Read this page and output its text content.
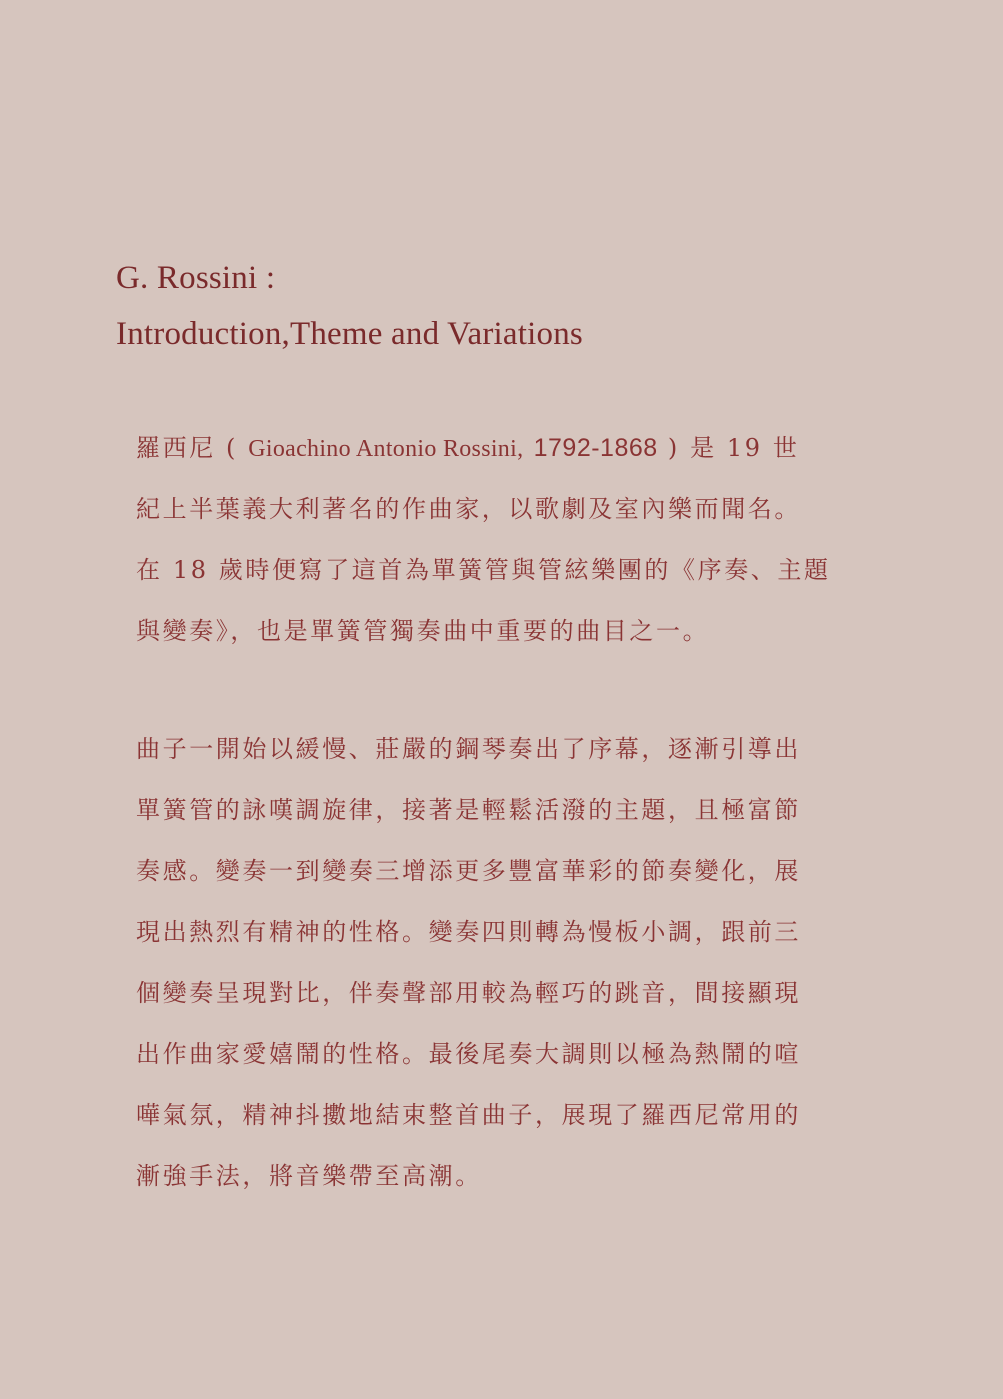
G. Rossini :
Introduction,Theme and Variations
羅西尼 ( Gioachino Antonio Rossini, 1792-1868 ) 是 19 世
紀上半葉義大利著名的作曲家，以歌劇及室內樂而聞名。
在 18 歲時便寫了這首為單簧管與管絃樂團的《序奏、主題
與變奏》，也是單簧管獨奏曲中重要的曲目之一。
曲子一開始以緩慢、莊嚴的鋼琴奏出了序幕，逐漸引導出
單簧管的詠嘆調旋律，接著是輕鬆活潑的主題，且極富節
奏感。變奏一到變奏三增添更多豐富華彩的節奏變化，展
現出熱烈有精神的性格。變奏四則轉為慢板小調，跟前三
個變奏呈現對比，伴奏聲部用較為輕巧的跳音，間接顯現
出作曲家愛嬉鬧的性格。最後尾奏大調則以極為熱鬧的喧
嘩氣氛，精神抖擻地結束整首曲子，展現了羅西尼常用的
漸強手法，將音樂帶至高潮。
